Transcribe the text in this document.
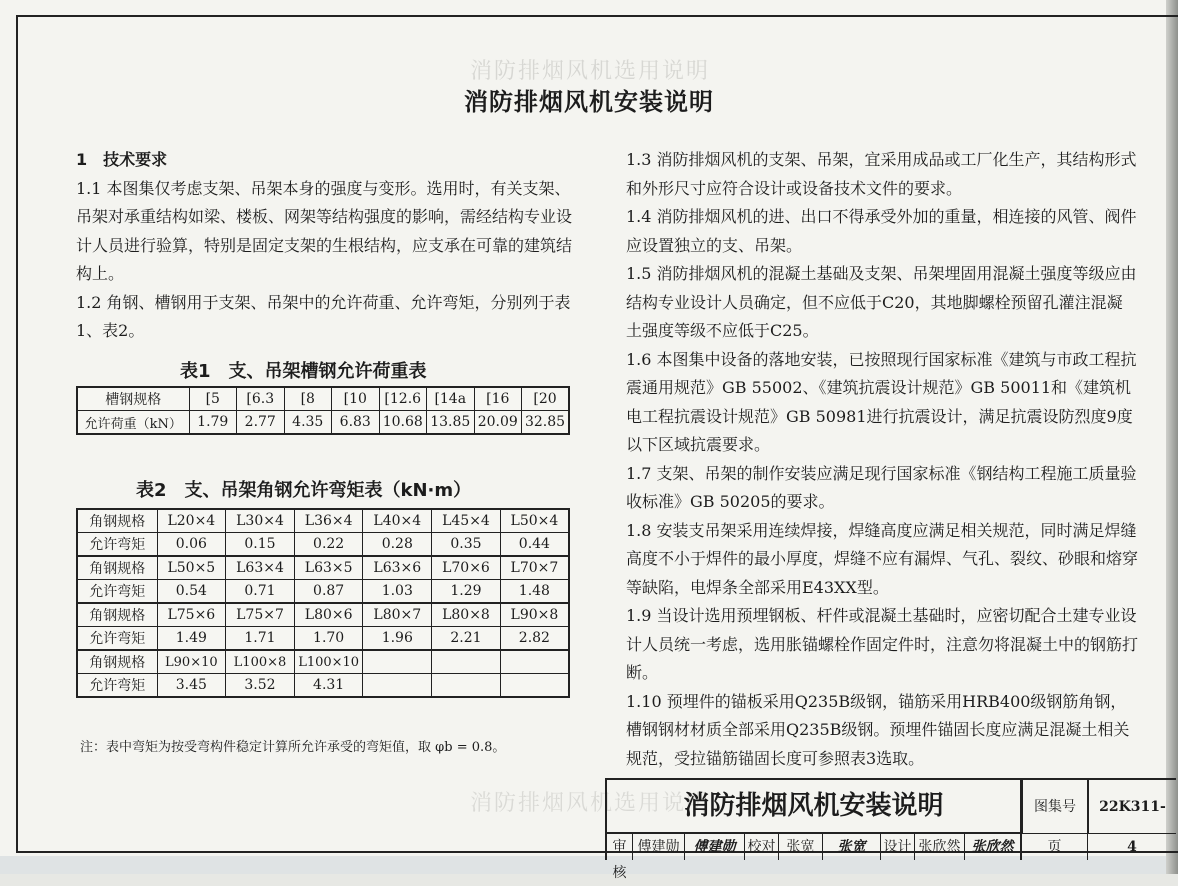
消防排烟风机选用说明
消防排烟风机选用说明
消防排烟风机安装说明

1　技术要求

1.1 本图集仅考虑支架、吊架本身的强度与变形。选用时，有关支架、吊架对承重结构如梁、楼板、网架等结构强度的影响，需经结构专业设计人员进行验算，特别是固定支架的生根结构，应支承在可靠的建筑结构上。

1.2 角钢、槽钢用于支架、吊架中的允许荷重、允许弯矩，分别列于表1、表2。

表1　支、吊架槽钢允许荷重表
槽钢规格	[5	[6.3	[8	[10	[12.6	[14a	[16	[20
允许荷重（kN）	1.79	2.77	4.35	6.83	10.68	13.85	20.09	32.85
表2　支、吊架角钢允许弯矩表（kN·m）
角钢规格	L20×4	L30×4	L36×4	L40×4	L45×4	L50×4
允许弯矩	0.06	0.15	0.22	0.28	0.35	0.44
角钢规格	L50×5	L63×4	L63×5	L63×6	L70×6	L70×7
允许弯矩	0.54	0.71	0.87	1.03	1.29	1.48
角钢规格	L75×6	L75×7	L80×6	L80×7	L80×8	L90×8
允许弯矩	1.49	1.71	1.70	1.96	2.21	2.82
角钢规格	L90×10	L100×8	L100×10			
允许弯矩	3.45	3.52	4.31			
注：表中弯矩为按受弯构件稳定计算所允许承受的弯矩值，取 φb = 0.8。

1.3 消防排烟风机的支架、吊架，宜采用成品或工厂化生产，其结构形式和外形尺寸应符合设计或设备技术文件的要求。

1.4 消防排烟风机的进、出口不得承受外加的重量，相连接的风管、阀件应设置独立的支、吊架。

1.5 消防排烟风机的混凝土基础及支架、吊架埋固用混凝土强度等级应由结构专业设计人员确定，但不应低于C20，其地脚螺栓预留孔灌注混凝土强度等级不应低于C25。

1.6 本图集中设备的落地安装，已按照现行国家标准《建筑与市政工程抗震通用规范》GB 55002、《建筑抗震设计规范》GB 50011和《建筑机电工程抗震设计规范》GB 50981进行抗震设计，满足抗震设防烈度9度以下区域抗震要求。

1.7 支架、吊架的制作安装应满足现行国家标准《钢结构工程施工质量验收标准》GB 50205的要求。

1.8 安装支吊架采用连续焊接，焊缝高度应满足相关规范，同时满足焊缝高度不小于焊件的最小厚度，焊缝不应有漏焊、气孔、裂纹、砂眼和熔穿等缺陷，电焊条全部采用E43XX型。

1.9 当设计选用预埋钢板、杆件或混凝土基础时，应密切配合土建专业设计人员统一考虑，选用胀锚螺栓作固定件时，注意勿将混凝土中的钢筋打断。

1.10 预埋件的锚板采用Q235B级钢，锚筋采用HRB400级钢筋角钢，槽钢钢材材质全部采用Q235B级钢。预埋件锚固长度应满足混凝土相关规范，受拉锚筋锚固长度可参照表3选取。

消防排烟风机安装说明	图集号	22K311-
审核
傅建勋	傅建勋 校对 张宽	张宽	设计 张欣然 张欣然	页	4
